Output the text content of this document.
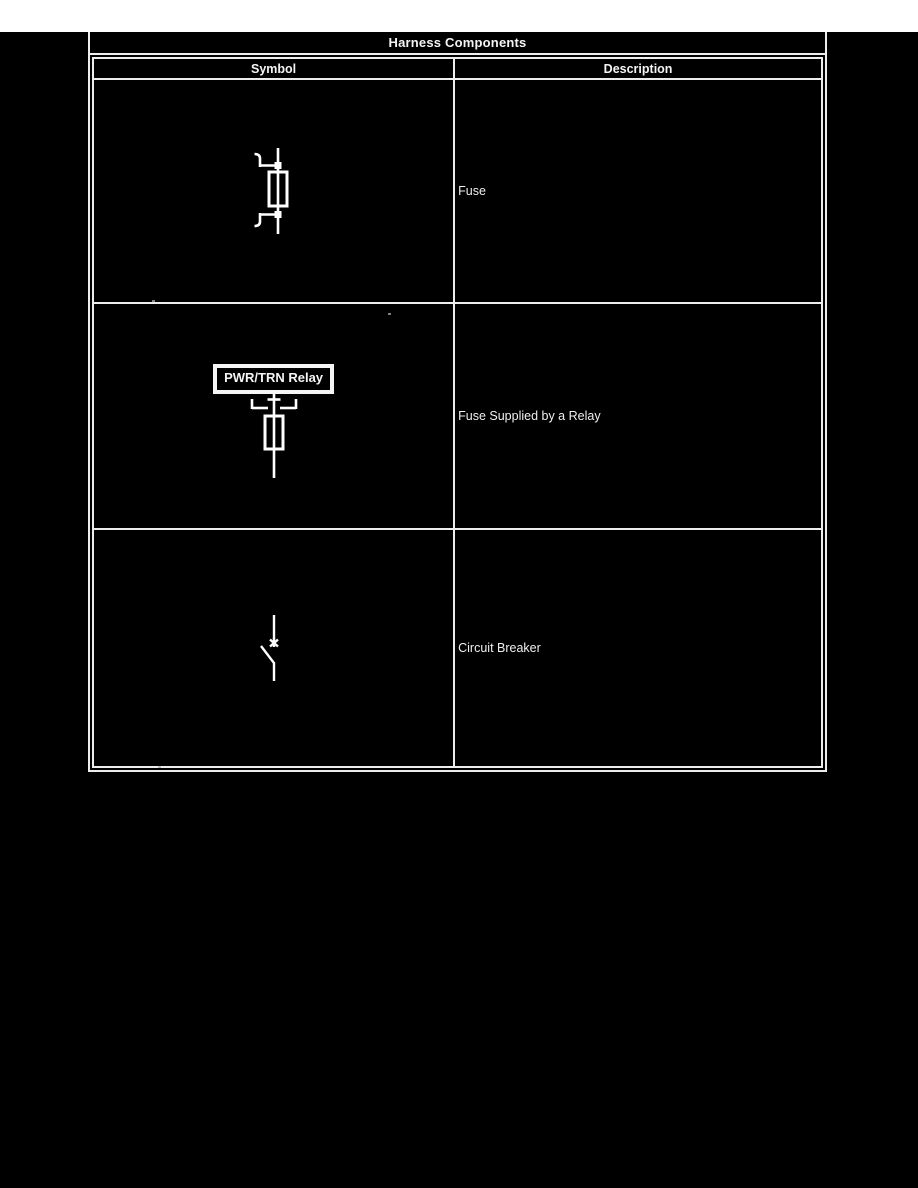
Harness Components
Symbol	Description
Fuse
PWR/TRN Relay
Fuse Supplied by a Relay
Circuit Breaker
